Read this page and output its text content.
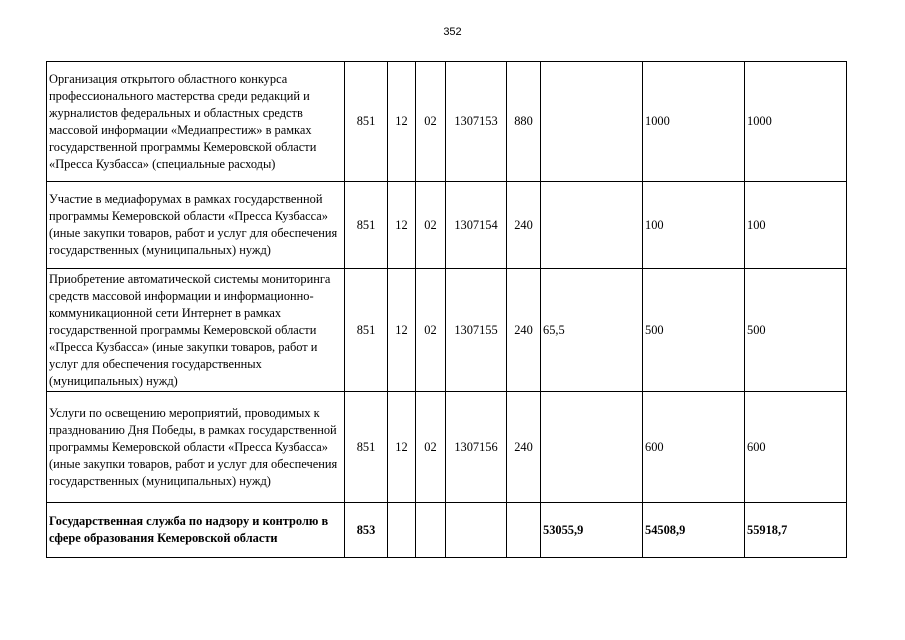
352
Организация открытого областного конкурса профессионального мастерства среди редакций и журналистов федеральных и областных средств массовой информации «Медиапрестиж» в рамках государственной программы Кемеровской области «Пресса Кузбасса» (специальные расходы)	851	12	02	1307153	880		1000	1000
Участие в медиафорумах в рамках государственной программы Кемеровской области «Пресса Кузбасса» (иные закупки товаров, работ и услуг для обеспечения государственных (муниципальных) нужд)	851	12	02	1307154	240		100	100
Приобретение автоматической системы мониторинга средств массовой информации и информационно-коммуникационной сети Интернет в рамках государственной программы Кемеровской области «Пресса Кузбасса» (иные закупки товаров, работ и услуг для обеспечения государственных (муниципальных) нужд)	851	12	02	1307155	240	65,5	500	500
Услуги по освещению мероприятий, проводимых к празднованию Дня Победы, в рамках государственной программы Кемеровской области «Пресса Кузбасса» (иные закупки товаров, работ и услуг для обеспечения государственных (муниципальных) нужд)	851	12	02	1307156	240		600	600
Государственная служба по надзору и контролю в сфере образования Кемеровской области	853					53055,9	54508,9	55918,7
